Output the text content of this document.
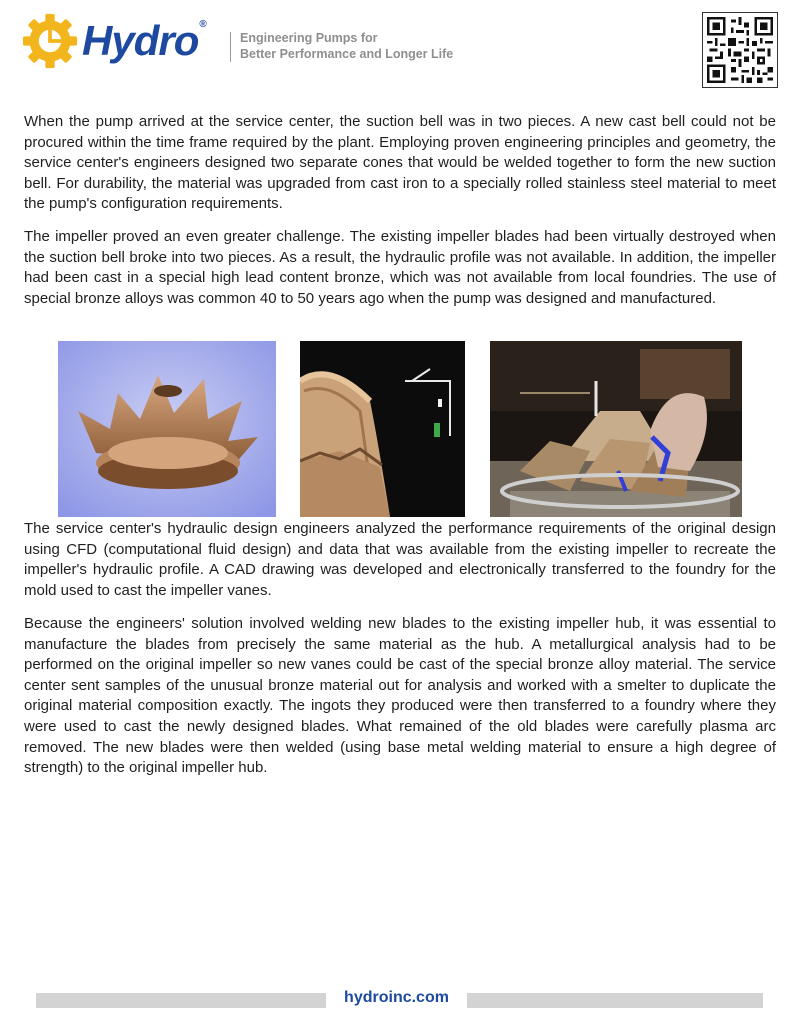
Hydro®
Engineering Pumps for
Better Performance and Longer Life

When the pump arrived at the service center, the suction bell was in two pieces. A new cast bell could not be procured within the time frame required by the plant. Employing proven engineering principles and geometry, the service center's engineers designed two separate cones that would be welded together to form the new suction bell. For durability, the material was upgraded from cast iron to a specially rolled stainless steel material to meet the pump's configuration requirements.

The impeller proved an even greater challenge. The existing impeller blades had been virtually destroyed when the suction bell broke into two pieces. As a result, the hydraulic profile was not available. In addition, the impeller had been cast in a special high lead content bronze, which was not available from local foundries. The use of special bronze alloys was common 40 to 50 years ago when the pump was designed and manufactured.

The service center's hydraulic design engineers analyzed the performance requirements of the original design using CFD (computational fluid design) and data that was available from the existing impeller to recreate the impeller's hydraulic profile. A CAD drawing was developed and electronically transferred to the foundry for the mold used to cast the impeller vanes.

Because the engineers' solution involved welding new blades to the existing impeller hub, it was essential to manufacture the blades from precisely the same material as the hub. A metallurgical analysis had to be performed on the original impeller so new vanes could be cast of the special bronze alloy material. The service center sent samples of the unusual bronze material out for analysis and worked with a smelter to duplicate the original material composition exactly. The ingots they produced were then transferred to a foundry where they were used to cast the newly designed blades. What remained of the old blades were carefully plasma arc removed. The new blades were then welded (using base metal welding material to ensure a high degree of strength) to the original impeller hub.

hydroinc.com
